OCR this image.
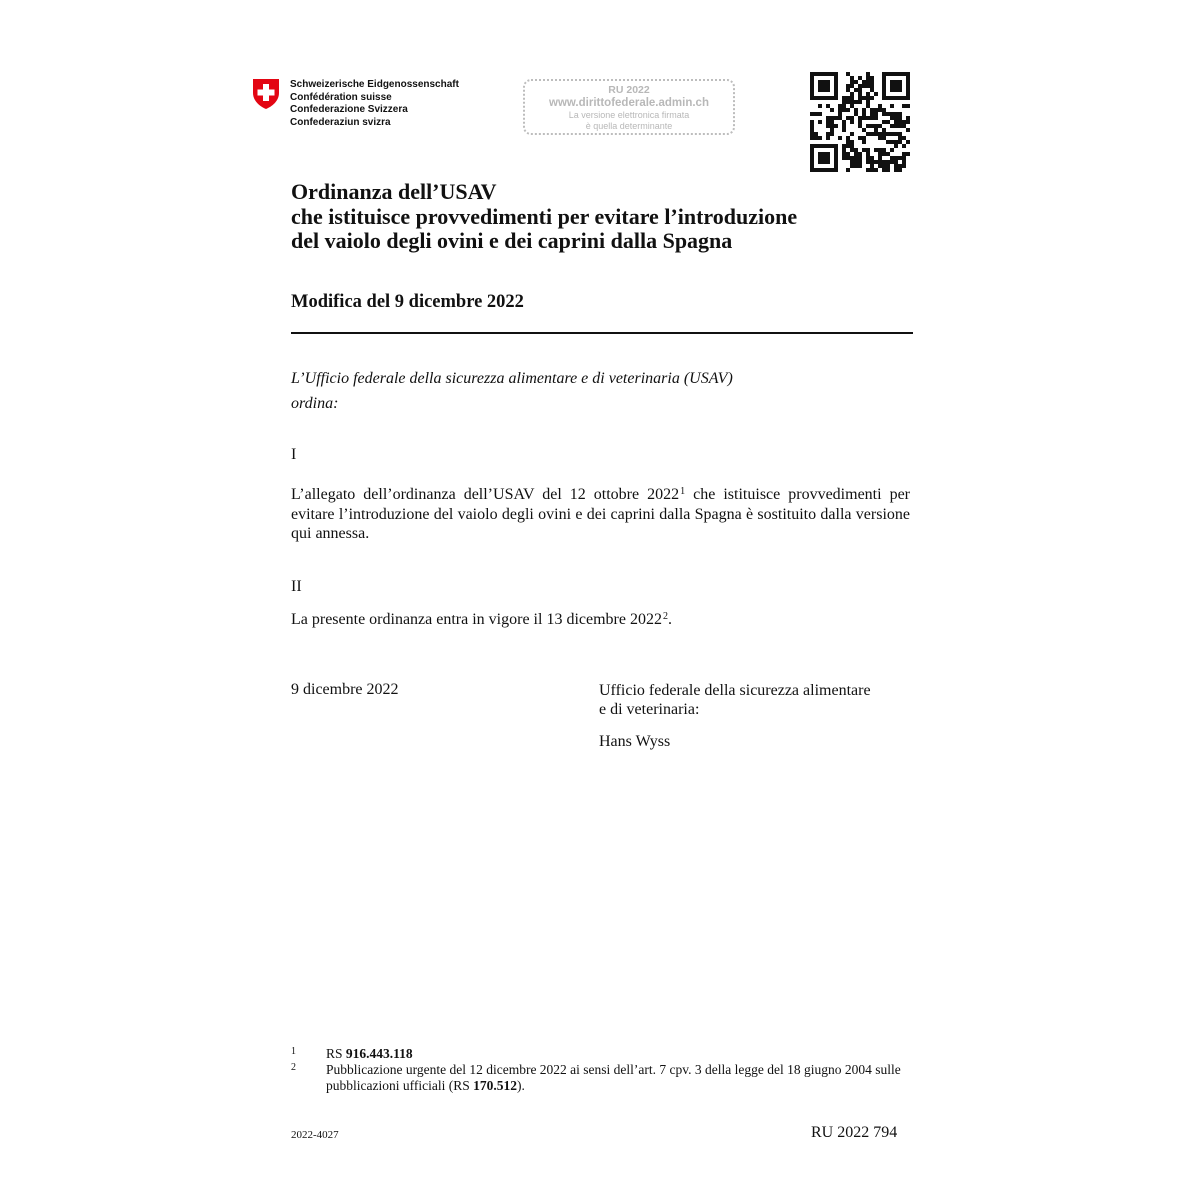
Schweizerische Eidgenossenschaft
Confédération suisse
Confederazione Svizzera
Confederaziun svizra
RU 2022
www.dirittofederale.admin.ch
La versione elettronica firmata
è quella determinante
Ordinanza dell’USAV
che istituisce provvedimenti per evitare l’introduzione
del vaiolo degli ovini e dei caprini dalla Spagna
Modifica del 9 dicembre 2022
L’Ufficio federale della sicurezza alimentare e di veterinaria (USAV)
ordina:
I
L’allegato dell’ordinanza dell’USAV del 12 ottobre 2022$^1$ che istituisce provvedimenti per evitare l’introduzione del vaiolo degli ovini e dei caprini dalla Spagna è sostituito dalla versione qui annessa.
II
La presente ordinanza entra in vigore il 13 dicembre 2022$^2$.
9 dicembre 2022	Ufficio federale della sicurezza alimentare
e di veterinaria:
Hans Wyss
1 RS 916.443.118
2 Pubblicazione urgente del 12 dicembre 2022 ai sensi dell’art. 7 cpv. 3 della legge del 18 giugno 2004 sulle pubblicazioni ufficiali (RS 170.512).
2022-4027	RU 2022 794
